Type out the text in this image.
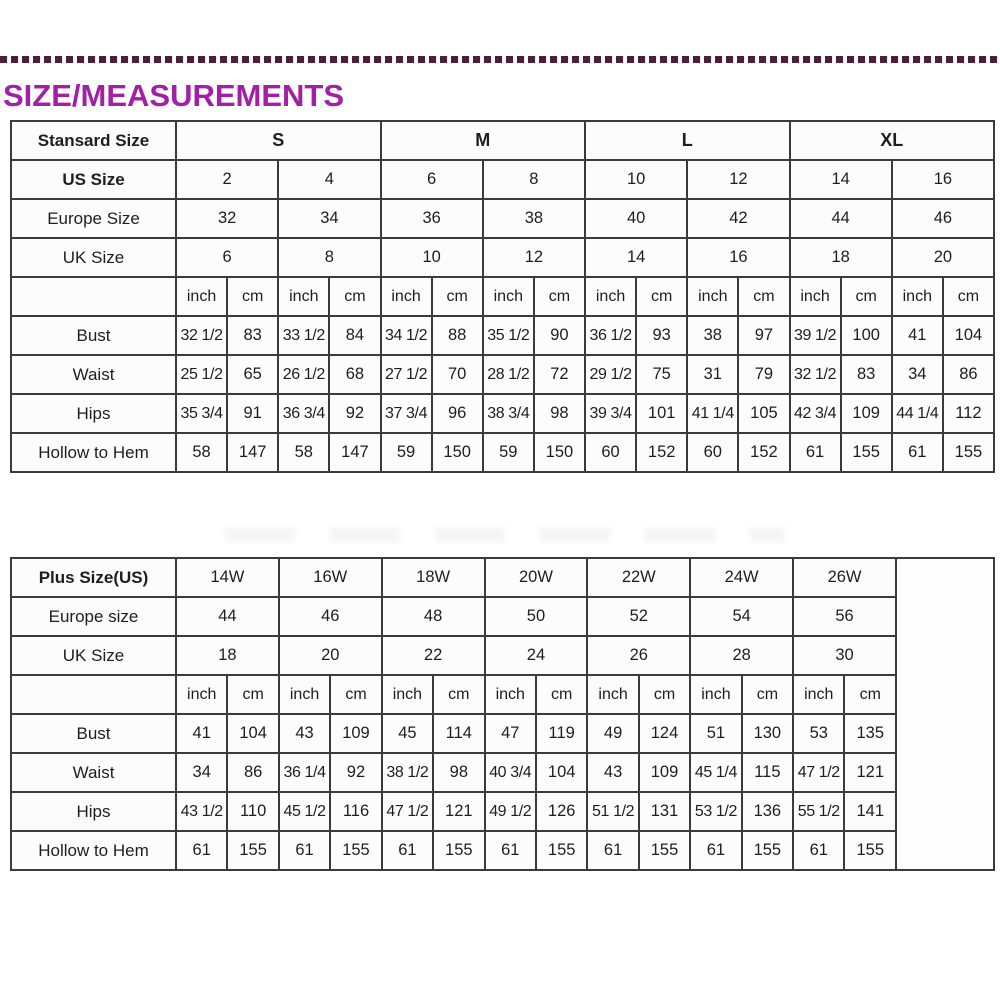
SIZE/MEASUREMENTS
Stansard Size	S				M				L				XL			
US Size	2		4		6		8		10		12		14		16	
Europe Size	32		34		36		38		40		42		44		46	
UK Size	6		8		10		12		14		16		18		20	
	inch	cm	inch	cm	inch	cm	inch	cm	inch	cm	inch	cm	inch	cm	inch	cm
Bust	32 1/2	83	33 1/2	84	34 1/2	88	35 1/2	90	36 1/2	93	38	97	39 1/2	100	41	104
Waist	25 1/2	65	26 1/2	68	27 1/2	70	28 1/2	72	29 1/2	75	31	79	32 1/2	83	34	86
Hips	35 3/4	91	36 3/4	92	37 3/4	96	38 3/4	98	39 3/4	101	41 1/4	105	42 3/4	109	44 1/4	112
Hollow to Hem	58	147	58	147	59	150	59	150	60	152	60	152	61	155	61	155
Plus Size(US)	14W		16W		18W		20W		22W		24W		26W		
Europe size	44		46		48		50		52		54		56		
UK Size	18		20		22		24		26		28		30		
	inch	cm	inch	cm	inch	cm	inch	cm	inch	cm	inch	cm	inch	cm	
Bust	41	104	43	109	45	114	47	119	49	124	51	130	53	135	
Waist	34	86	36 1/4	92	38 1/2	98	40 3/4	104	43	109	45 1/4	115	47 1/2	121	
Hips	43 1/2	110	45 1/2	116	47 1/2	121	49 1/2	126	51 1/2	131	53 1/2	136	55 1/2	141	
Hollow to Hem	61	155	61	155	61	155	61	155	61	155	61	155	61	155	
